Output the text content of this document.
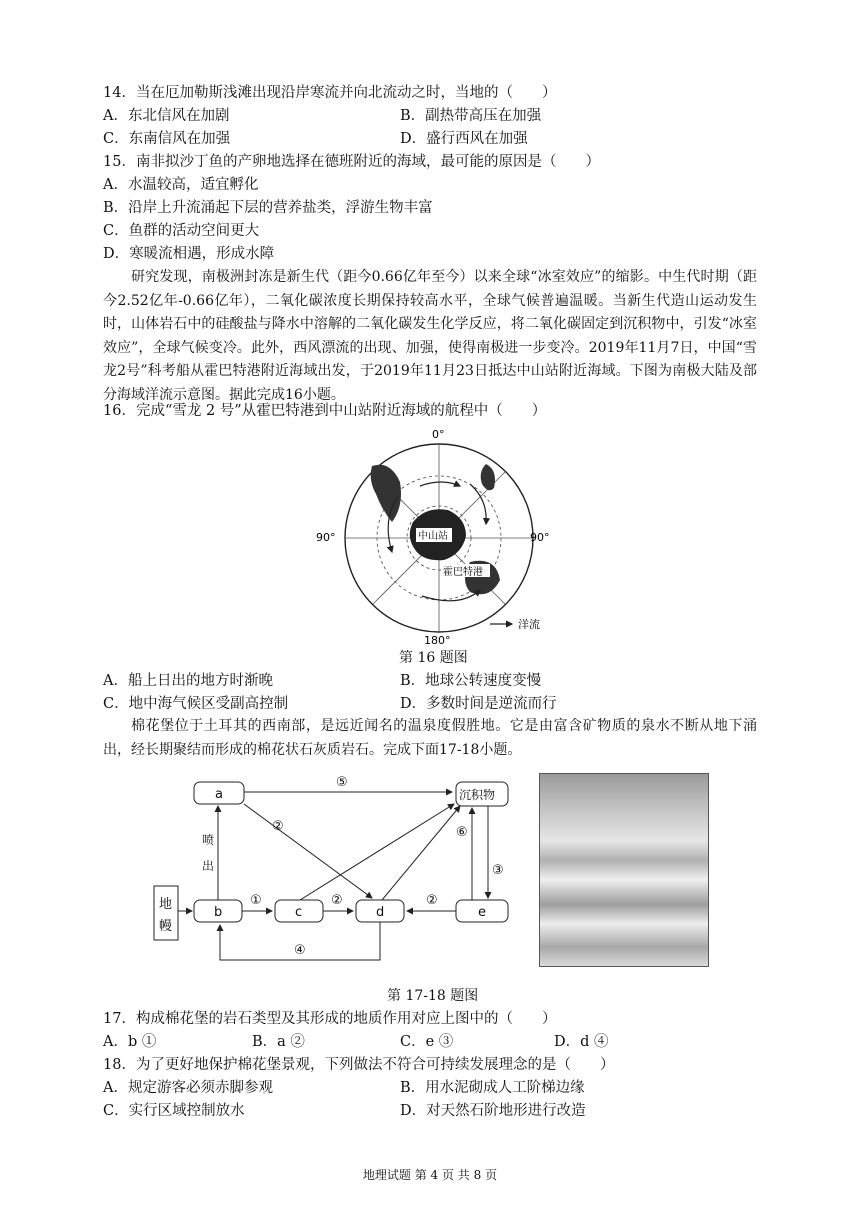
14．当在厄加勒斯浅滩出现沿岸寒流并向北流动之时，当地的（　　）
A．东北信风在加剧	B．副热带高压在加强
C．东南信风在加强	D．盛行西风在加强
15．南非拟沙丁鱼的产卵地选择在德班附近的海域，最可能的原因是（　　）
A．水温较高，适宜孵化
B．沿岸上升流涌起下层的营养盐类，浮游生物丰富
C．鱼群的活动空间更大
D．寒暖流相遇，形成水障

研究发现，南极洲封冻是新生代（距今0.66亿年至今）以来全球“冰室效应”的缩影。中生代时期（距今2.52亿年-0.66亿年），二氧化碳浓度长期保持较高水平，全球气候普遍温暖。当新生代造山运动发生时，山体岩石中的硅酸盐与降水中溶解的二氧化碳发生化学反应，将二氧化碳固定到沉积物中，引发“冰室效应”，全球气候变冷。此外，西风漂流的出现、加强，使得南极进一步变冷。2019年11月7日，中国“雪龙2号”科考船从霍巴特港附近海域出发，于2019年11月23日抵达中山站附近海域。下图为南极大陆及部分海域洋流示意图。据此完成16小题。

16．完成“雪龙 2 号”从霍巴特港到中山站附近海域的航程中（　　）
0°
中山站
霍巴特港
90°	90°
180°
洋流
第 16 题图
A．船上日出的地方时渐晚	B．地球公转速度变慢
C．地中海气候区受副高控制	D．多数时间是逆流而行

棉花堡位于土耳其的西南部，是远近闻名的温泉度假胜地。它是由富含矿物质的泉水不断从地下涌出，经长期聚结而形成的棉花状石灰质岩石。完成下面17-18小题。

a	沉积物
地
幔
b	c	d	e
喷
出
⑤
②
①	②	②
⑥
③
④
第 17-18 题图
17．构成棉花堡的岩石类型及其形成的地质作用对应上图中的（　　）
A．b ①	B．a ②	C．e ③	D．d ④
18．为了更好地保护棉花堡景观，下列做法不符合可持续发展理念的是（　　）
A．规定游客必须赤脚参观	B．用水泥砌成人工阶梯边缘
C．实行区域控制放水	D．对天然石阶地形进行改造
地理试题 第 4 页 共 8 页
